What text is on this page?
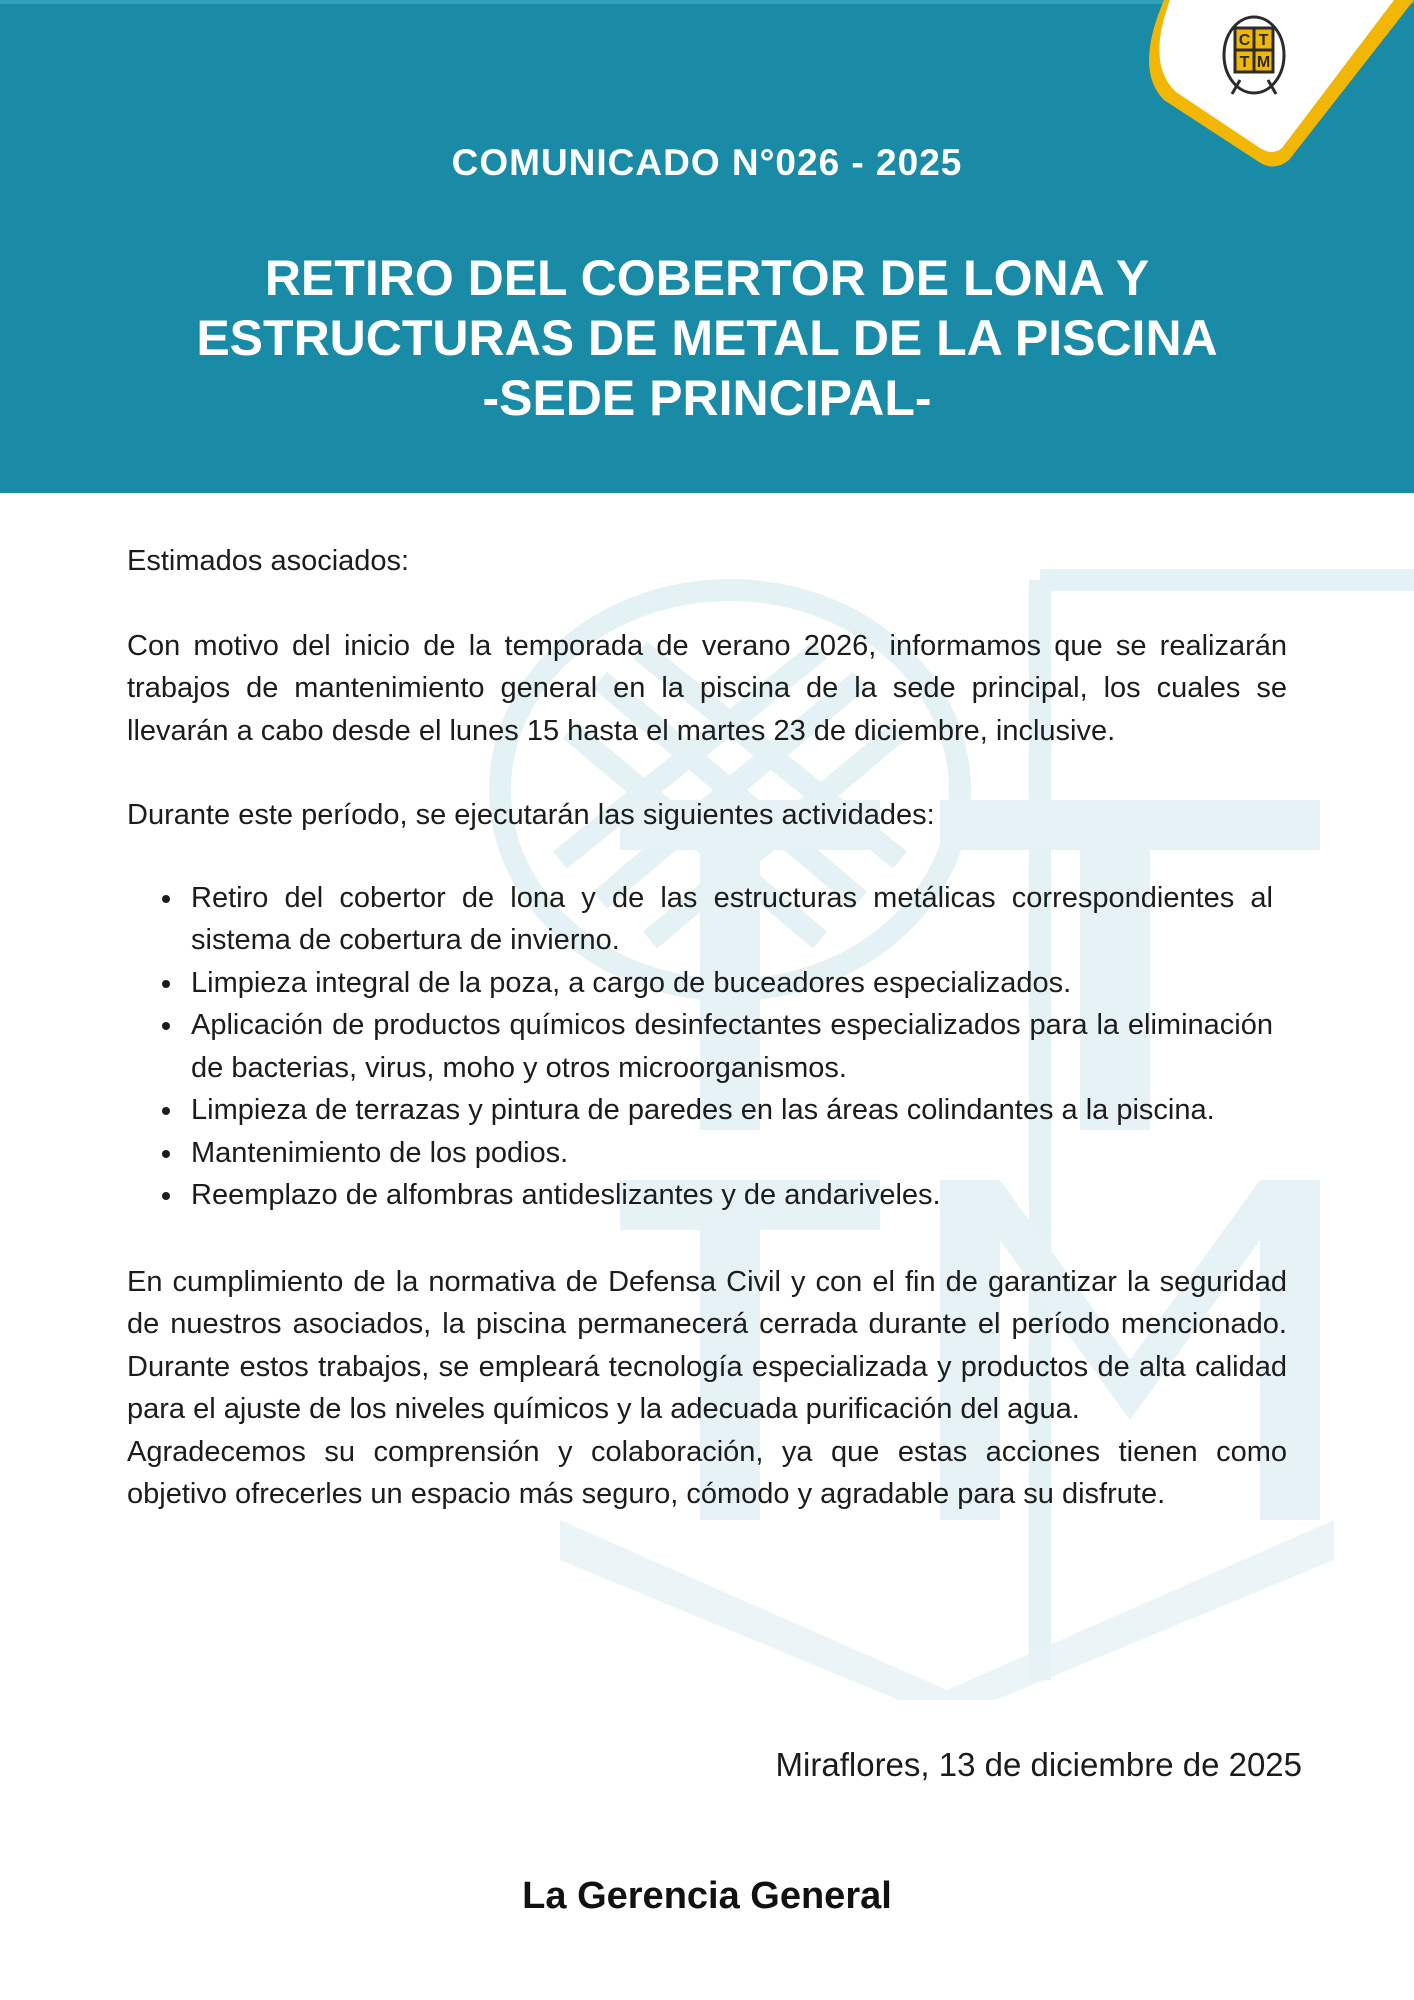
COMUNICADO N°026 - 2025
RETIRO DEL COBERTOR DE LONA Y
ESTRUCTURAS DE METAL DE LA PISCINA
-SEDE PRINCIPAL-
C T
T M

Estimados asociados:

Con motivo del inicio de la temporada de verano 2026, informamos que se realizarán trabajos de mantenimiento general en la piscina de la sede principal, los cuales se llevarán a cabo desde el lunes 15 hasta el martes 23 de diciembre, inclusive.

Durante este período, se ejecutarán las siguientes actividades:

Retiro del cobertor de lona y de las estructuras metálicas correspondientes al sistema de cobertura de invierno.
Limpieza integral de la poza, a cargo de buceadores especializados.
Aplicación de productos químicos desinfectantes especializados para la eliminación de bacterias, virus, moho y otros microorganismos.
Limpieza de terrazas y pintura de paredes en las áreas colindantes a la piscina.
Mantenimiento de los podios.
Reemplazo de alfombras antideslizantes y de andariveles.

En cumplimiento de la normativa de Defensa Civil y con el fin de garantizar la seguridad de nuestros asociados, la piscina permanecerá cerrada durante el período mencionado. Durante estos trabajos, se empleará tecnología especializada y productos de alta calidad para el ajuste de los niveles químicos y la adecuada purificación del agua.

Agradecemos su comprensión y colaboración, ya que estas acciones tienen como objetivo ofrecerles un espacio más seguro, cómodo y agradable para su disfrute.

Miraflores, 13 de diciembre de 2025
La Gerencia General
